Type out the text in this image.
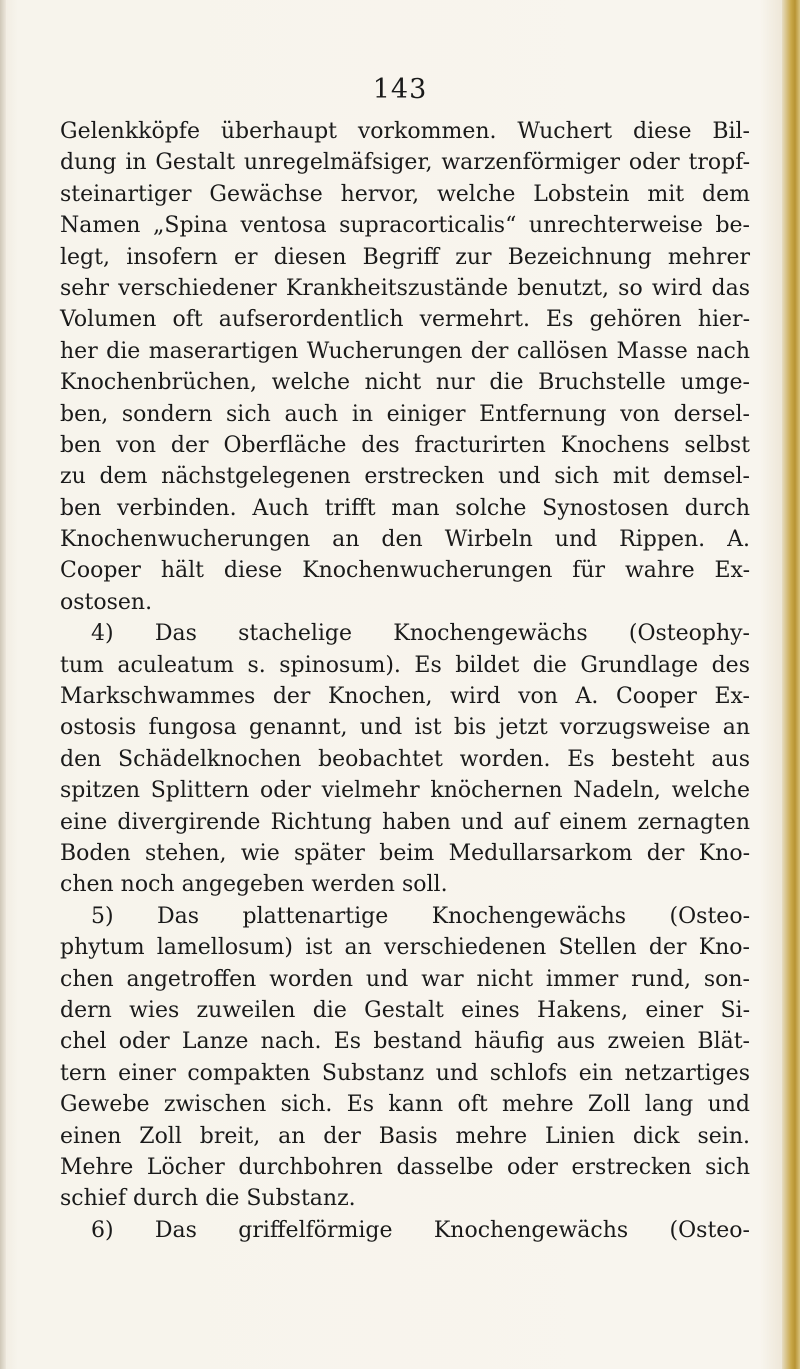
143
Gelenkköpfe überhaupt vorkommen. Wuchert diese Bil-
dung in Gestalt unregelmäfsiger, warzenförmiger oder tropf-
steinartiger Gewächse hervor, welche Lobstein mit dem
Namen „Spina ventosa supracorticalis“ unrechterweise be-
legt, insofern er diesen Begriff zur Bezeichnung mehrer
sehr verschiedener Krankheitszustände benutzt, so wird das
Volumen oft aufserordentlich vermehrt. Es gehören hier-
her die maserartigen Wucherungen der callösen Masse nach
Knochenbrüchen, welche nicht nur die Bruchstelle umge-
ben, sondern sich auch in einiger Entfernung von dersel-
ben von der Oberfläche des fracturirten Knochens selbst
zu dem nächstgelegenen erstrecken und sich mit demsel-
ben verbinden. Auch trifft man solche Synostosen durch
Knochenwucherungen an den Wirbeln und Rippen. A.
Cooper hält diese Knochenwucherungen für wahre Ex-
ostosen.
4) Das stachelige Knochengewächs (Osteophy-
tum aculeatum s. spinosum). Es bildet die Grundlage des
Markschwammes der Knochen, wird von A. Cooper Ex-
ostosis fungosa genannt, und ist bis jetzt vorzugsweise an
den Schädelknochen beobachtet worden. Es besteht aus
spitzen Splittern oder vielmehr knöchernen Nadeln, welche
eine divergirende Richtung haben und auf einem zernagten
Boden stehen, wie später beim Medullarsarkom der Kno-
chen noch angegeben werden soll.
5) Das plattenartige Knochengewächs (Osteo-
phytum lamellosum) ist an verschiedenen Stellen der Kno-
chen angetroffen worden und war nicht immer rund, son-
dern wies zuweilen die Gestalt eines Hakens, einer Si-
chel oder Lanze nach. Es bestand häufig aus zweien Blät-
tern einer compakten Substanz und schlofs ein netzartiges
Gewebe zwischen sich. Es kann oft mehre Zoll lang und
einen Zoll breit, an der Basis mehre Linien dick sein.
Mehre Löcher durchbohren dasselbe oder erstrecken sich
schief durch die Substanz.
6) Das griffelförmige Knochengewächs (Osteo-
